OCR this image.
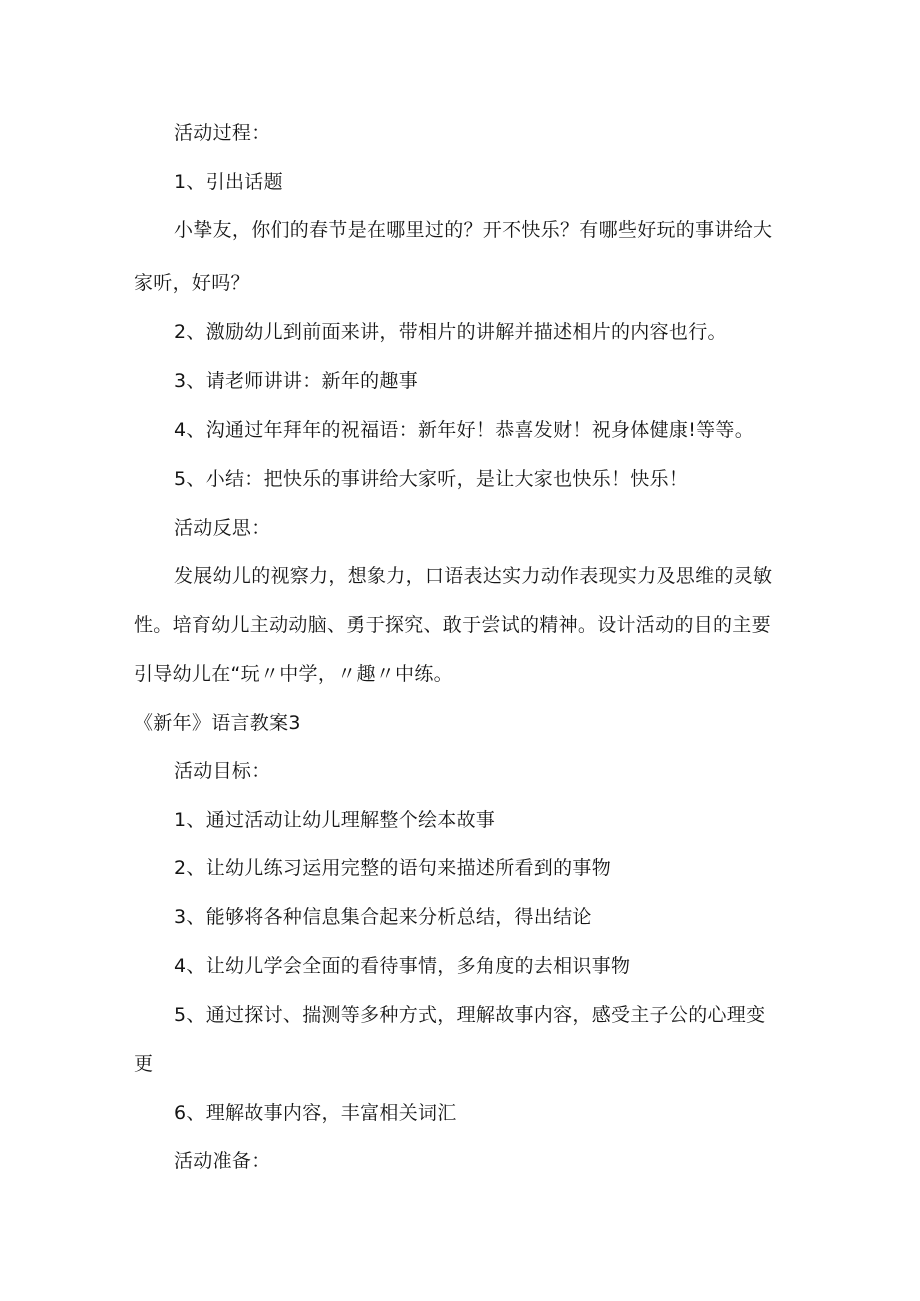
活动过程：
1、引出话题
小挚友，你们的春节是在哪里过的？开不快乐？有哪些好玩的事讲给大
家听，好吗？
2、激励幼儿到前面来讲，带相片的讲解并描述相片的内容也行。
3、请老师讲讲：新年的趣事
4、沟通过年拜年的祝福语：新年好！恭喜发财！祝身体健康!等等。
5、小结：把快乐的事讲给大家听，是让大家也快乐！快乐！
活动反思：
发展幼儿的视察力，想象力，口语表达实力动作表现实力及思维的灵敏
性。培育幼儿主动动脑、勇于探究、敢于尝试的精神。设计活动的目的主要
引导幼儿在“玩〃中学，〃趣〃中练。
《新年》语言教案3
活动目标：
1、通过活动让幼儿理解整个绘本故事
2、让幼儿练习运用完整的语句来描述所看到的事物
3、能够将各种信息集合起来分析总结，得出结论
4、让幼儿学会全面的看待事情，多角度的去相识事物
5、通过探讨、揣测等多种方式，理解故事内容，感受主子公的心理变
更
6、理解故事内容，丰富相关词汇
活动准备：
